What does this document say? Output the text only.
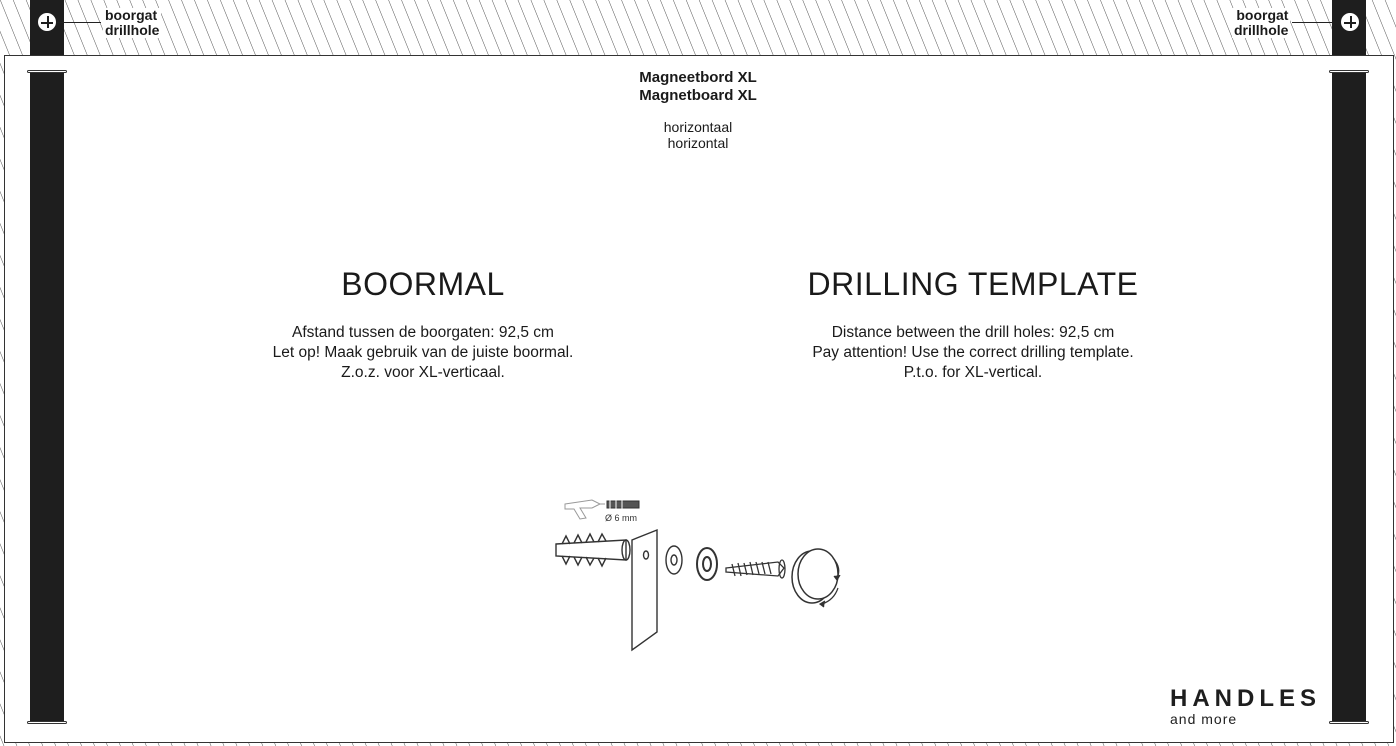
boorgat
drillhole
boorgat
drillhole
Magneetbord XL
Magnetboard XL
horizontaal
horizontal
BOORMAL	DRILLING TEMPLATE
Afstand tussen de boorgaten: 92,5 cm
Let op! Maak gebruik van de juiste boormal.
Z.o.z. voor XL-verticaal.
Distance between the drill holes: 92,5 cm
Pay attention! Use the correct drilling template.
P.t.o. for XL-vertical.
Ø 6 mm
HANDLES
and more
